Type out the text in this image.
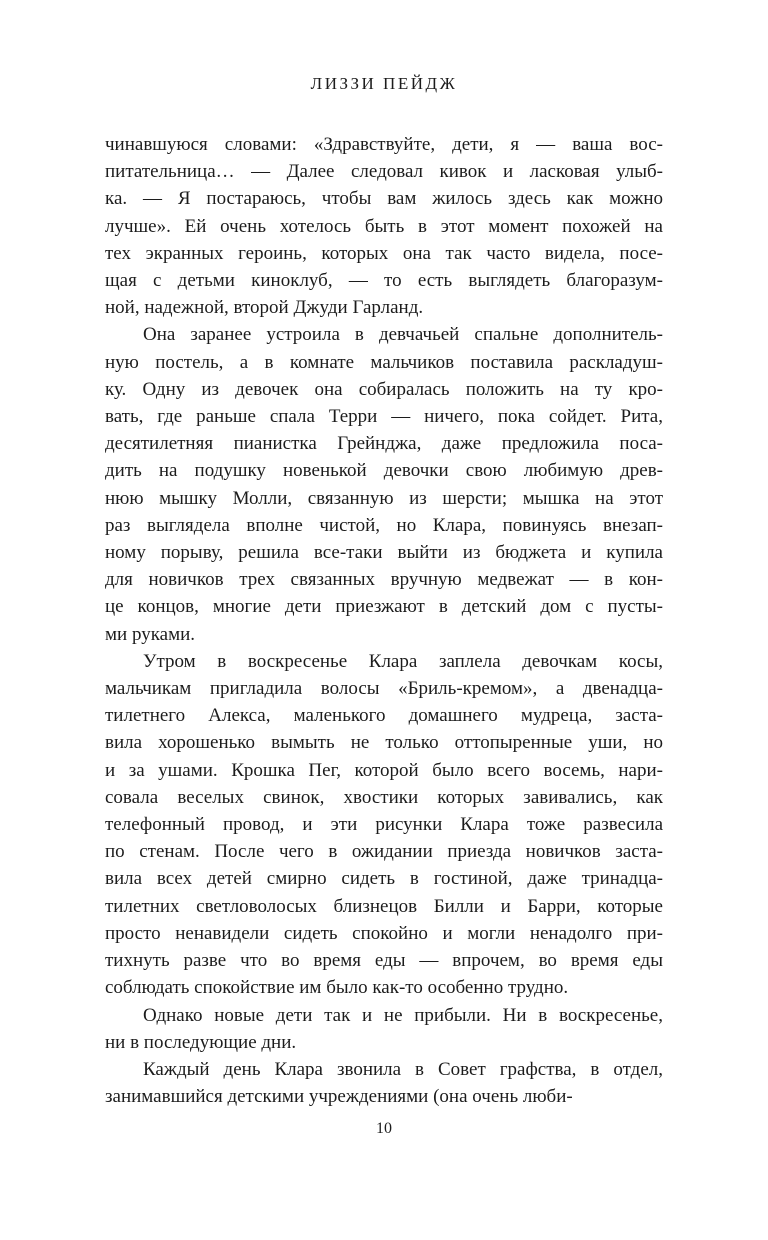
ЛИЗЗИ ПЕЙДЖ
чинавшуюся словами: «Здравствуйте, дети, я — ваша вос-
питательница… — Далее следовал кивок и ласковая улыб-
ка. — Я постараюсь, чтобы вам жилось здесь как можно
лучше». Ей очень хотелось быть в этот момент похожей на
тех экранных героинь, которых она так часто видела, посе-
щая с детьми киноклуб, — то есть выглядеть благоразум-
ной, надежной, второй Джуди Гарланд.
Она заранее устроила в девчачьей спальне дополнитель-
ную постель, а в комнате мальчиков поставила раскладуш-
ку. Одну из девочек она собиралась положить на ту кро-
вать, где раньше спала Терри — ничего, пока сойдет. Рита,
десятилетняя пианистка Грейнджа, даже предложила поса-
дить на подушку новенькой девочки свою любимую древ-
нюю мышку Молли, связанную из шерсти; мышка на этот
раз выглядела вполне чистой, но Клара, повинуясь внезап-
ному порыву, решила все-таки выйти из бюджета и купила
для новичков трех связанных вручную медвежат — в кон-
це концов, многие дети приезжают в детский дом с пусты-
ми руками.
Утром в воскресенье Клара заплела девочкам косы,
мальчикам пригладила волосы «Бриль-кремом», а двенадца-
тилетнего Алекса, маленького домашнего мудреца, заста-
вила хорошенько вымыть не только оттопыренные уши, но
и за ушами. Крошка Пег, которой было всего восемь, нари-
совала веселых свинок, хвостики которых завивались, как
телефонный провод, и эти рисунки Клара тоже развесила
по стенам. После чего в ожидании приезда новичков заста-
вила всех детей смирно сидеть в гостиной, даже тринадца-
тилетних светловолосых близнецов Билли и Барри, которые
просто ненавидели сидеть спокойно и могли ненадолго при-
тихнуть разве что во время еды — впрочем, во время еды
соблюдать спокойствие им было как-то особенно трудно.
Однако новые дети так и не прибыли. Ни в воскресенье,
ни в последующие дни.
Каждый день Клара звонила в Совет графства, в отдел,
занимавшийся детскими учреждениями (она очень люби-
10
